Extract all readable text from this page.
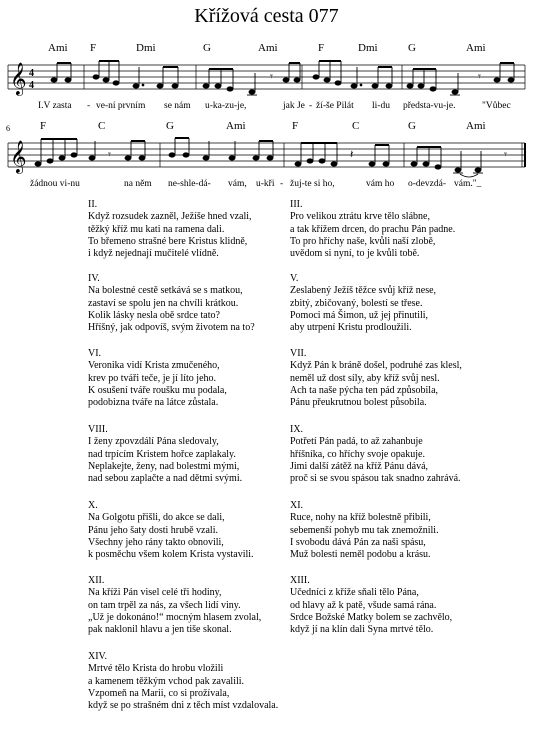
Křížová cesta 077
Ami F	Dmi	G	Ami	F	Dmi	G	Ami
𝄞 4
4
𝄾	𝄾
I.V zasta - ve-ní prvním se nám u-ka-zu-je,	jak Je - ží-še Pilát li-du předsta-vu-je.	"Vůbec
F	C	G	Ami	F	C	G	Ami
6
𝄞	𝄾	𝄽	𝄾
žádnou vi-nu	na něm ne-shle-dá- vám, u-kři - žuj-te si ho,	vám ho o-devzdá- vám."_
II.
Když rozsudek zazněl, Ježíše hned vzali,
těžký kříž mu kati na ramena dali.
To břemeno strašné bere Kristus klidně,
i když nejednají mučitelé vlídně.
IV.
Na bolestné cestě setkává se s matkou,
zastaví se spolu jen na chvíli krátkou.
Kolik lásky nesla obě srdce tato?
Hříšný, jak odpovíš, svým životem na to?
VI.
Veronika vidí Krista zmučeného,
krev po tváři teče, je jí líto jeho.
K osušení tváře roušku mu podala,
podobizna tváře na látce zůstala.
VIII.
I ženy zpovzdálí Pána sledovaly,
nad trpícím Kristem hořce zaplakaly.
Neplakejte, ženy, nad bolestmi mými,
nad sebou zaplačte a nad dětmi svými.
X.
Na Golgotu přišli, do akce se dali,
Pánu jeho šaty dosti hrubě vzali.
Všechny jeho rány takto obnovili,
k posměchu všem kolem Krista vystavili.
XII.
Na kříži Pán visel celé tři hodiny,
on tam trpěl za nás, za všech lidí viny.
„Už je dokonáno!“ mocným hlasem zvolal,
pak naklonil hlavu a jen tiše skonal.
XIV.
Mrtvé tělo Krista do hrobu vložili
a kamenem těžkým vchod pak zavalili.
Vzpomeň na Marii, co si prožívala,
když se po strašném dni z těch míst vzdalovala.
III.
Pro velikou ztrátu krve tělo slábne,
a tak křížem drcen, do prachu Pán padne.
To pro hříchy naše, kvůli naší zlobě,
uvědom si nyní, to je kvůli tobě.
V.
Zeslabený Ježíš těžce svůj kříž nese,
zbitý, zbičovaný, bolestí se třese.
Pomoci má Šimon, už jej přinutili,
aby utrpení Kristu prodloužili.
VII.
Když Pán k bráně došel, podruhé zas klesl,
neměl už dost síly, aby kříž svůj nesl.
Ach ta naše pýcha ten pád způsobila,
Pánu přeukrutnou bolest působila.
IX.
Potřetí Pán padá, to až zahanbuje
hříšníka, co hříchy svoje opakuje.
Jimi další zátěž na kříž Pánu dává,
proč si se svou spásou tak snadno zahrává.
XI.
Ruce, nohy na kříž bolestně přibili,
sebemenší pohyb mu tak znemožnili.
I svobodu dává Pán za naši spásu,
Muž bolesti neměl podobu a krásu.
XIII.
Učedníci z kříže sňali tělo Pána,
od hlavy až k patě, všude samá rána.
Srdce Božské Matky bolem se zachvělo,
když jí na klín dali Syna mrtvé tělo.
